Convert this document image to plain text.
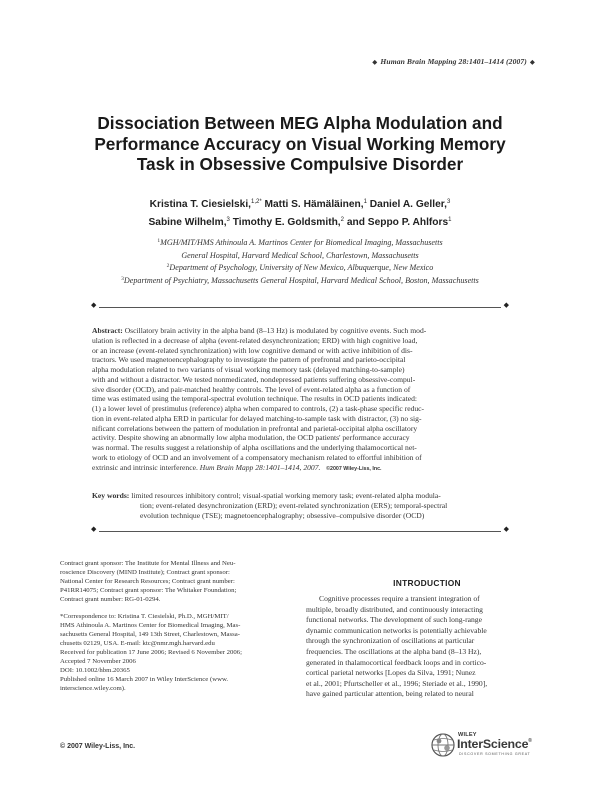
◆ Human Brain Mapping 28:1401–1414 (2007) ◆
Dissociation Between MEG Alpha Modulation and
Performance Accuracy on Visual Working Memory
Task in Obsessive Compulsive Disorder
Kristina T. Ciesielski,$^{1,2*}$ Matti S. Hämäläinen,$^1$ Daniel A. Geller,$^3$
Sabine Wilhelm,$^3$ Timothy E. Goldsmith,$^2$ and Seppo P. Ahlfors$^1$
$^1$MGH/MIT/HMS Athinoula A. Martinos Center for Biomedical Imaging, Massachusetts
General Hospital, Harvard Medical School, Charlestown, Massachusetts
$^2$Department of Psychology, University of New Mexico, Albuquerque, New Mexico
$^3$Department of Psychiatry, Massachusetts General Hospital, Harvard Medical School, Boston, Massachusetts
◆	◆
Abstract: Oscillatory brain activity in the alpha band (8–13 Hz) is modulated by cognitive events. Such mod-
ulation is reflected in a decrease of alpha (event-related desynchronization; ERD) with high cognitive load,
or an increase (event-related synchronization) with low cognitive demand or with active inhibition of dis-
tractors. We used magnetoencephalography to investigate the pattern of prefrontal and parieto-occipital
alpha modulation related to two variants of visual working memory task (delayed matching-to-sample)
with and without a distractor. We tested nonmedicated, nondepressed patients suffering obsessive-compul-
sive disorder (OCD), and pair-matched healthy controls. The level of event-related alpha as a function of
time was estimated using the temporal-spectral evolution technique. The results in OCD patients indicated:
(1) a lower level of prestimulus (reference) alpha when compared to controls, (2) a task-phase specific reduc-
tion in event-related alpha ERD in particular for delayed matching-to-sample task with distractor, (3) no sig-
nificant correlations between the pattern of modulation in prefrontal and parietal-occipital alpha oscillatory
activity. Despite showing an abnormally low alpha modulation, the OCD patients' performance accuracy
was normal. The results suggest a relationship of alpha oscillations and the underlying thalamocortical net-
work to etiology of OCD and an involvement of a compensatory mechanism related to effortful inhibition of
extrinsic and intrinsic interference. Hum Brain Mapp 28:1401–1414, 2007. ©2007 Wiley-Liss, Inc.
Key words: limited resources inhibitory control; visual-spatial working memory task; event-related alpha modula-
tion; event-related desynchronization (ERD); event-related synchronization (ERS); temporal-spectral
evolution technique (TSE); magnetoencephalography; obsessive–compulsive disorder (OCD)
◆	◆
Contract grant sponsor: The Institute for Mental Illness and Neu-
roscience Discovery (MIND Institute); Contract grant sponsor:
National Center for Research Resources; Contract grant number:
P41RR14075; Contract grant sponsor: The Whitaker Foundation;
Contract grant number: RG-01-0294.
*Correspondence to: Kristina T. Ciesielski, Ph.D., MGH/MIT/
HMS Athinoula A. Martinos Center for Biomedical Imaging, Mas-
sachusetts General Hospital, 149 13th Street, Charlestown, Massa-
chusetts 02129, USA. E-mail: ktc@nmr.mgh.harvard.edu
Received for publication 17 June 2006; Revised 6 November 2006;
Accepted 7 November 2006
DOI: 10.1002/hbm.20365
Published online 16 March 2007 in Wiley InterScience (www.
interscience.wiley.com).
© 2007 Wiley-Liss, Inc.
INTRODUCTION
Cognitive processes require a transient integration of
multiple, broadly distributed, and continuously interacting
functional networks. The development of such long-range
dynamic communication networks is potentially achievable
through the synchronization of oscillations at particular
frequencies. The oscillations at the alpha band (8–13 Hz),
generated in thalamocortical feedback loops and in cortico-
cortical parietal networks [Lopes da Silva, 1991; Nunez
et al., 2001; Pfurtscheller et al., 1996; Steriade et al., 1990],
have gained particular attention, being related to neural
WILEY
InterScience®
DISCOVER SOMETHING GREAT
